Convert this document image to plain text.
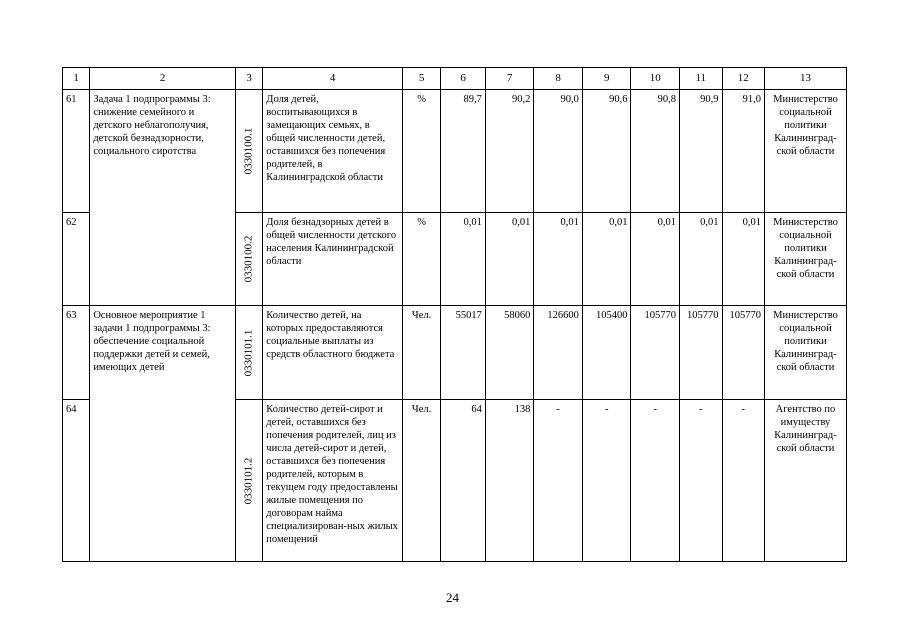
1	2	3	4	5	6	7	8	9	10	11	12	13
61	Задача 1 подпрограммы 3: снижение семейного и детского неблагополучия, детской безнадзорности, социального сиротства	0330100.1	Доля детей, воспитывающихся в замещающих семьях, в общей численности детей, оставшихся без попечения родителей, в Калининградской области	%	89,7	90,2	90,0	90,6	90,8	90,9	91,0	Министерство социальной политики Калининград-ской области
62		0330100.2	Доля безнадзорных детей в общей численности детского населения Калининградской области	%	0,01	0,01	0,01	0,01	0,01	0,01	0,01	Министерство социальной политики Калининград-ской области
63	Основное мероприятие 1 задачи 1 подпрограммы 3: обеспечение социальной поддержки детей и семей, имеющих детей	0330101.1	Количество детей, на которых предоставляются социальные выплаты из средств областного бюджета	Чел.	55017	58060	126600	105400	105770	105770	105770	Министерство социальной политики Калининград-ской области
64		0330101.2	Количество детей-сирот и детей, оставшихся без попечения родителей, лиц из числа детей-сирот и детей, оставшихся без попечения родителей, которым в текущем году предоставлены жилые помещения по договорам найма специализирован-ных жилых помещений	Чел.	64	138	-	-	-	-	-	Агентство по имуществу Калининград-ской области
24
